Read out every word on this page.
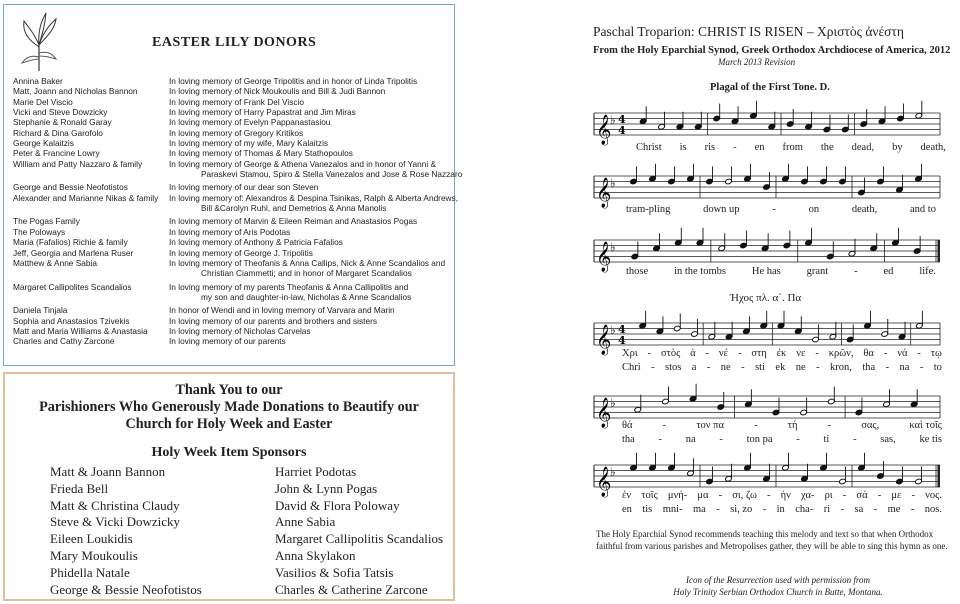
EASTER LILY DONORS
Annina Baker	In loving memory of George Tripolitis and in honor of Linda Tripolitis
Matt, Joann and Nicholas Bannon	In loving memory of Nick Moukoulis and Bill & Judi Bannon
Marie Del Viscio	In loving memory of Frank Del Viscio
Vicki and Steve Dowzicky	In loving memory of Harry Papastrat and Jim Miras
Stephanie & Ronald Garay	In loving memory of Evelyn Pappanastasiou
Richard & Dina Garofolo	In loving memory of Gregory Kritikos
George Kalaitzis	In loving memory of my wife, Mary Kalaitzis
Peter & Francine Lowry	In loving memory of Thomas & Mary Stathopoulos
William and Patty Nazzaro & family	In loving memory of George & Athena Vanezalos and in honor of Yanni &
Paraskevi Stamou, Spiro & Stella Vanezalos and Jose & Rose Nazzaro
George and Bessie Neofotistos	In loving memory of our dear son Steven
Alexander and Marianne Nikas & family	In loving memory of: Alexandros & Despina Tsinikas, Ralph & Alberta Andrews,
Bill &Carolyn Ruhl, and Demetrios & Anna Manolis
The Pogas Family	In loving memory of Marvin & Eileen Reiman and Anastasios Pogas
The Poloways	In loving memory of Aris Podotas
Maria (Fafalios) Richie & family	In loving memory of Anthony & Patricia Fafalios
Jeff, Georgia and Marlena Ruser	In loving memory of George J. Tripolitis
Matthew & Anne Sabia	In loving memory of Theofanis & Anna Callips, Nick & Anne Scandalios and
Christian Ciammetti; and in honor of Margaret Scandalios
Margaret Callipolites Scandalios	In loving memory of my parents Theofanis & Anna Callipolitis and
my son and daughter-in-law, Nicholas & Anne Scandalios
Daniela Tinjala	In honor of Wendi and in loving memory of Varvara and Marin
Sophia and Anastasios Tzivekis	In loving memory of our parents and brothers and sisters
Matt and Maria Williams & Anastasia	In loving memory of Nicholas Carvelas
Charles and Cathy Zarcone	In loving memory of our parents
Thank You to our
Parishioners Who Generously Made Donations to Beautify our
Church for Holy Week and Easter
Holy Week Item Sponsors
Matt & Joann Bannon
Frieda Bell
Matt & Christina Claudy
Steve & Vicki Dowzicky
Eileen Loukidis
Mary Moukoulis
Phidella Natale
George & Bessie Neofotistos
Harriet Podotas
John & Lynn Pogas
David & Flora Poloway
Anne Sabia
Margaret Callipolitis Scandalios
Anna Skylakon
Vasilios & Sofia Tatsis
Charles & Catherine Zarcone
Paschal Troparion: CHRIST IS RISEN – Χριστὸς ἀνέστη
From the Holy Eparchial Synod, Greek Orthodox Archdiocese of America, 2012
March 2013 Revision
Plagal of the First Tone. D.
𝄞
♭ 4
4
Christ is ris - en from the dead, by death,
𝄞
♭
tram-pling	down up	-	on	death,	and to
𝄞
♭
those in the tombs He has grant - ed life.
Ήχος πλ. α΄. Πα
𝄞
♭ 4
4
Χρι - στὸς ἀ - νέ - στη ἐκ νε - κρῶν, θα - νά - τῳ
Chri - stos a - ne - sti ek ne - kron, tha - na - to
𝄞
♭
θά	-	τον πα	-	τή	-	σας,	καὶ τοῖς
tha - na - ton pa - ti - sas, ke tis
𝄞
♭
ἐν τοῖς μνή- μα - σι, ζω - ὴν χα- ρι - σά - με - νος.
en tis mni- ma - si, zo - in cha- ri - sa - me - nos.
The Holy Eparchial Synod recommends teaching this melody and text so that when Orthodox faithful from various parishes and Metropolises gather, they will be able to sing this hymn as one.
Icon of the Resurrection used with permission from
Holy Trinity Serbian Orthodox Church in Butte, Montana.
